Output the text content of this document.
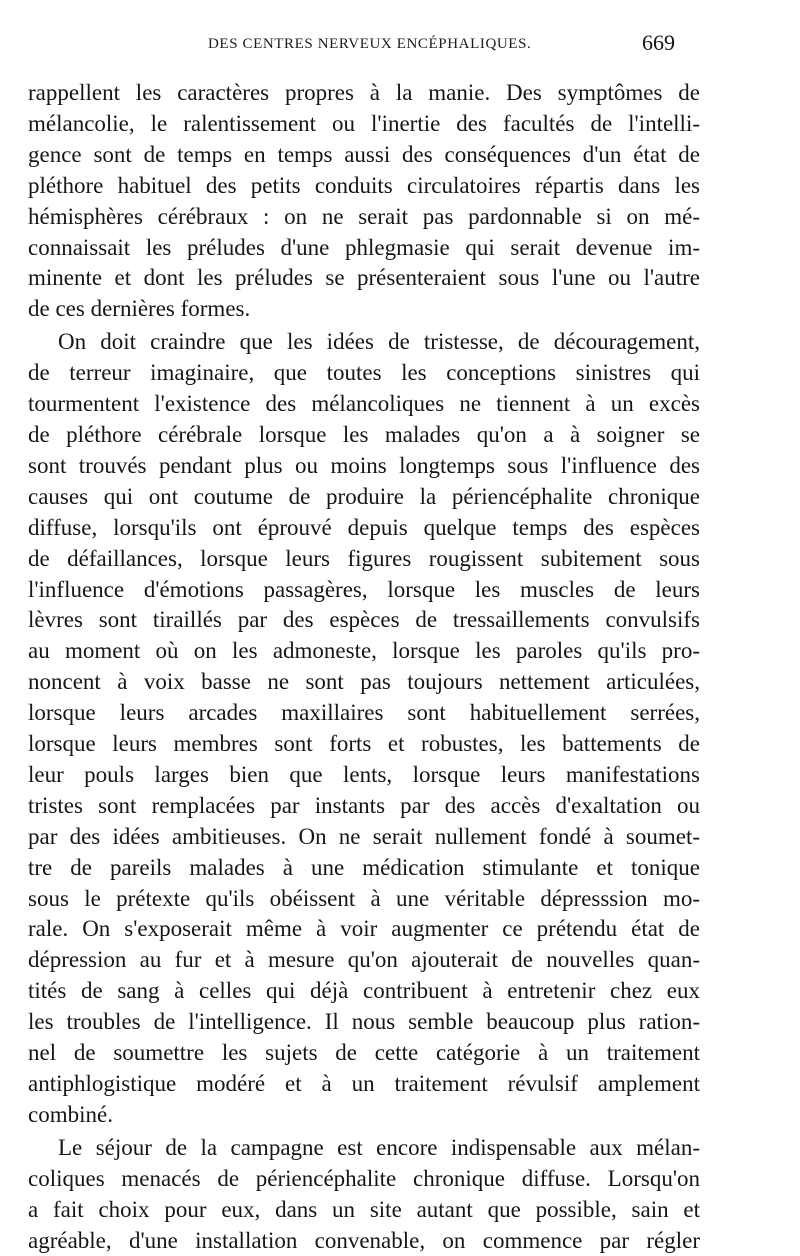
DES CENTRES NERVEUX ENCÉPHALIQUES.	669

rappellent les caractères propres à la manie. Des symptômes de
mélancolie, le ralentissement ou l'inertie des facultés de l'intelli-
gence sont de temps en temps aussi des conséquences d'un état de
pléthore habituel des petits conduits circulatoires répartis dans les
hémisphères cérébraux : on ne serait pas pardonnable si on mé-
connaissait les préludes d'une phlegmasie qui serait devenue im-
minente et dont les préludes se présenteraient sous l'une ou l'autre
de ces dernières formes.

On doit craindre que les idées de tristesse, de découragement,
de terreur imaginaire, que toutes les conceptions sinistres qui
tourmentent l'existence des mélancoliques ne tiennent à un excès
de pléthore cérébrale lorsque les malades qu'on a à soigner se
sont trouvés pendant plus ou moins longtemps sous l'influence des
causes qui ont coutume de produire la périencéphalite chronique
diffuse, lorsqu'ils ont éprouvé depuis quelque temps des espèces
de défaillances, lorsque leurs figures rougissent subitement sous
l'influence d'émotions passagères, lorsque les muscles de leurs
lèvres sont tiraillés par des espèces de tressaillements convulsifs
au moment où on les admoneste, lorsque les paroles qu'ils pro-
noncent à voix basse ne sont pas toujours nettement articulées,
lorsque leurs arcades maxillaires sont habituellement serrées,
lorsque leurs membres sont forts et robustes, les battements de
leur pouls larges bien que lents, lorsque leurs manifestations
tristes sont remplacées par instants par des accès d'exaltation ou
par des idées ambitieuses. On ne serait nullement fondé à soumet-
tre de pareils malades à une médication stimulante et tonique
sous le prétexte qu'ils obéissent à une véritable dépresssion mo-
rale. On s'exposerait même à voir augmenter ce prétendu état de
dépression au fur et à mesure qu'on ajouterait de nouvelles quan-
tités de sang à celles qui déjà contribuent à entretenir chez eux
les troubles de l'intelligence. Il nous semble beaucoup plus ration-
nel de soumettre les sujets de cette catégorie à un traitement
antiphlogistique modéré et à un traitement révulsif amplement
combiné.

Le séjour de la campagne est encore indispensable aux mélan-
coliques menacés de périencéphalite chronique diffuse. Lorsqu'on
a fait choix pour eux, dans un site autant que possible, sain et
agréable, d'une installation convenable, on commence par régler
